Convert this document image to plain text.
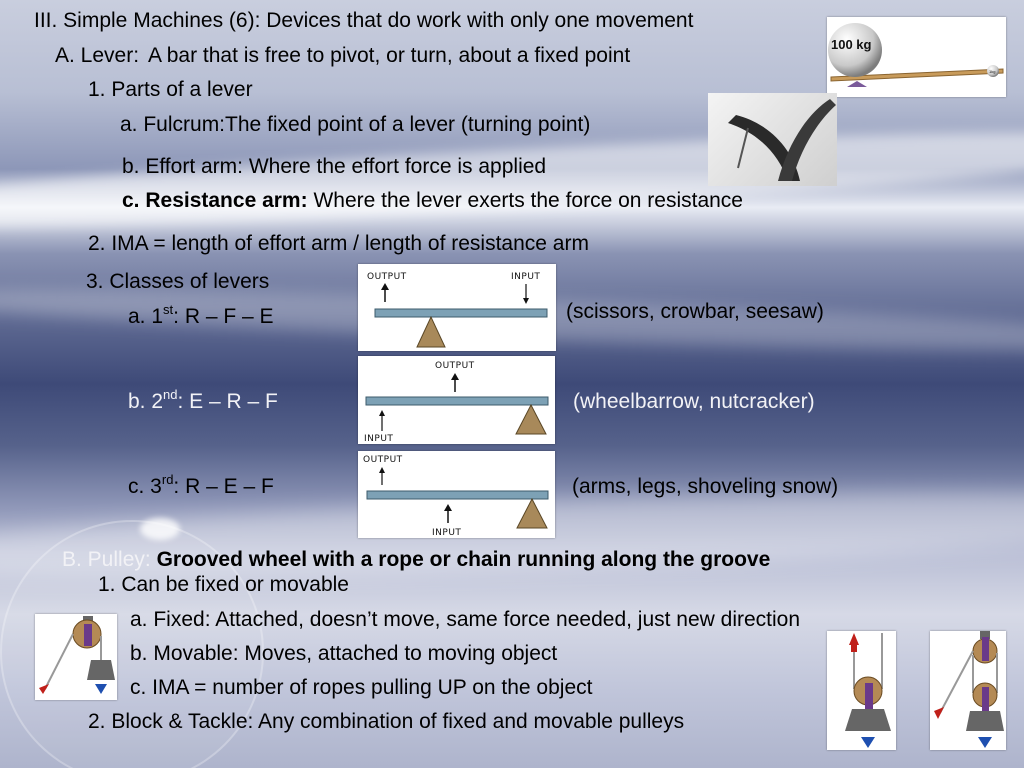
III. Simple Machines (6): Devices that do work with only one movement
A. Lever: A bar that is free to pivot, or turn, about a fixed point
1. Parts of a lever
a. Fulcrum:The fixed point of a lever (turning point)
b. Effort arm: Where the effort force is applied
c. Resistance arm: Where the lever exerts the force on resistance
2. IMA = length of effort arm / length of resistance arm
3. Classes of levers
a. 1st: R – F – E	(scissors, crowbar, seesaw)
b. 2nd: E – R – F	(wheelbarrow, nutcracker)
c. 3rd: R – E – F	(arms, legs, shoveling snow)
OUTPUT	INPUT
OUTPUT
INPUT
OUTPUT
INPUT
100 kg
1kg
B. Pulley: Grooved wheel with a rope or chain running along the groove
1. Can be fixed or movable
a. Fixed: Attached, doesn’t move, same force needed, just new direction
b. Movable: Moves, attached to moving object
c. IMA = number of ropes pulling UP on the object
2. Block & Tackle: Any combination of fixed and movable pulleys
